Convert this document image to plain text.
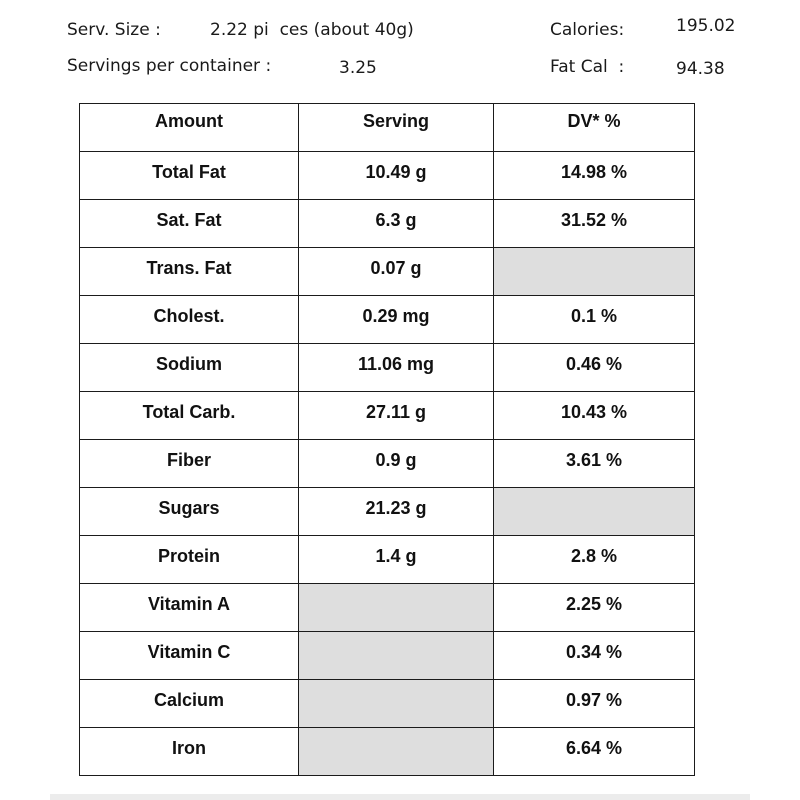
Serv. Size :	2.22 pi  ces (about 40g)	Calories:	195.02
Servings per container :	3.25	Fat Cal  :	94.38
Amount	Serving	DV* %
Total Fat	10.49 g	14.98 %
Sat. Fat	6.3 g	31.52 %
Trans. Fat	0.07 g	
Cholest.	0.29 mg	0.1 %
Sodium	11.06 mg	0.46 %
Total Carb.	27.11 g	10.43 %
Fiber	0.9 g	3.61 %
Sugars	21.23 g	
Protein	1.4 g	2.8 %
Vitamin A		2.25 %
Vitamin C		0.34 %
Calcium		0.97 %
Iron		6.64 %
